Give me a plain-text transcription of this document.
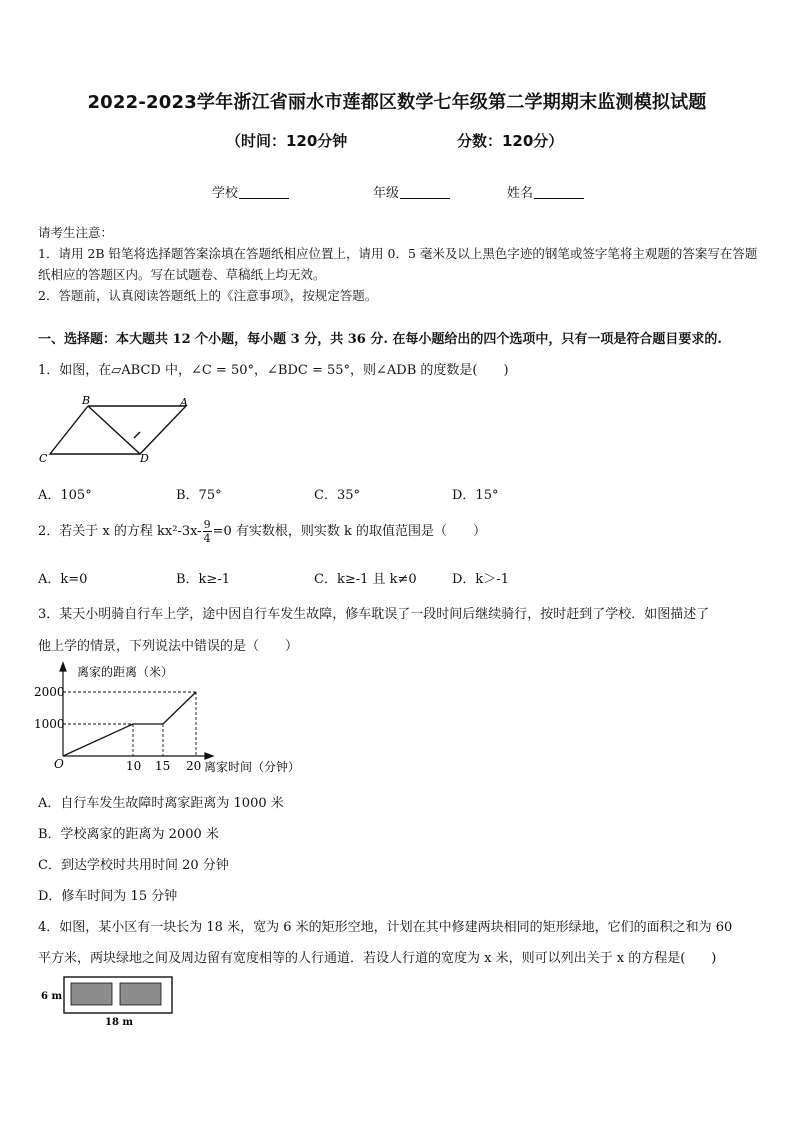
2022-2023学年浙江省丽水市莲都区数学七年级第二学期期末监测模拟试题
（时间：120分钟	分数：120分）
学校	年级	姓名
请考生注意：
1．请用 2B 铅笔将选择题答案涂填在答题纸相应位置上，请用 0．5 毫米及以上黑色字迹的钢笔或签字笔将主观题的答案写在答题纸相应的答题区内。写在试题卷、草稿纸上均无效。
2．答题前，认真阅读答题纸上的《注意事项》，按规定答题。
一、选择题：本大题共 12 个小题，每小题 3 分，共 36 分. 在每小题给出的四个选项中，只有一项是符合题目要求的.
1．如图，在▱ABCD 中，∠C = 50°，∠BDC = 55°，则∠ADB 的度数是(　　)
B	A
C	D
A．105°	B．75°	C．35°	D．15°
2．若关于 x 的方程 $kx^2-3x- \frac{9}{4} =0$ 有实数根，则实数 k 的取值范围是（　　）
A．k=0	B．k≥-1	C．k≥-1 且 k≠0	D．k＞-1
3．某天小明骑自行车上学，途中因自行车发生故障，修车耽误了一段时间后继续骑行，按时赶到了学校．如图描述了
他上学的情景，下列说法中错误的是（　　）
离家的距离（米）
2000
1000
O	10 15 20 离家时间（分钟）
A．自行车发生故障时离家距离为 1000 米
B．学校离家的距离为 2000 米
C．到达学校时共用时间 20 分钟
D．修车时间为 15 分钟
4．如图，某小区有一块长为 18 米，宽为 6 米的矩形空地，计划在其中修建两块相同的矩形绿地，它们的面积之和为 60
平方米，两块绿地之间及周边留有宽度相等的人行通道．若设人行道的宽度为 x 米，则可以列出关于 x 的方程是(　　)
6 m
18 m
